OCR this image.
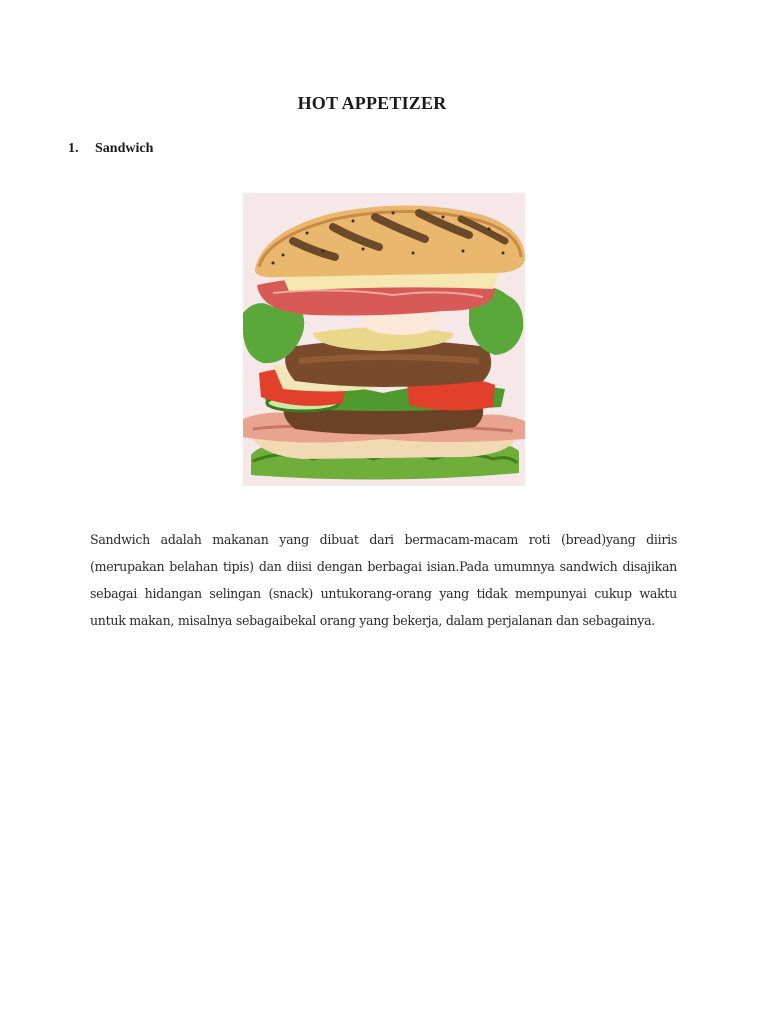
HOT APPETIZER
1.	Sandwich
Sandwich adalah makanan yang dibuat dari bermacam-macam roti (bread)yang diiris (merupakan belahan tipis) dan diisi dengan berbagai isian.Pada umumnya sandwich disajikan sebagai hidangan selingan (snack) untukorang-orang yang tidak mempunyai cukup waktu untuk makan, misalnya sebagaibekal orang yang bekerja, dalam perjalanan dan sebagainya.
